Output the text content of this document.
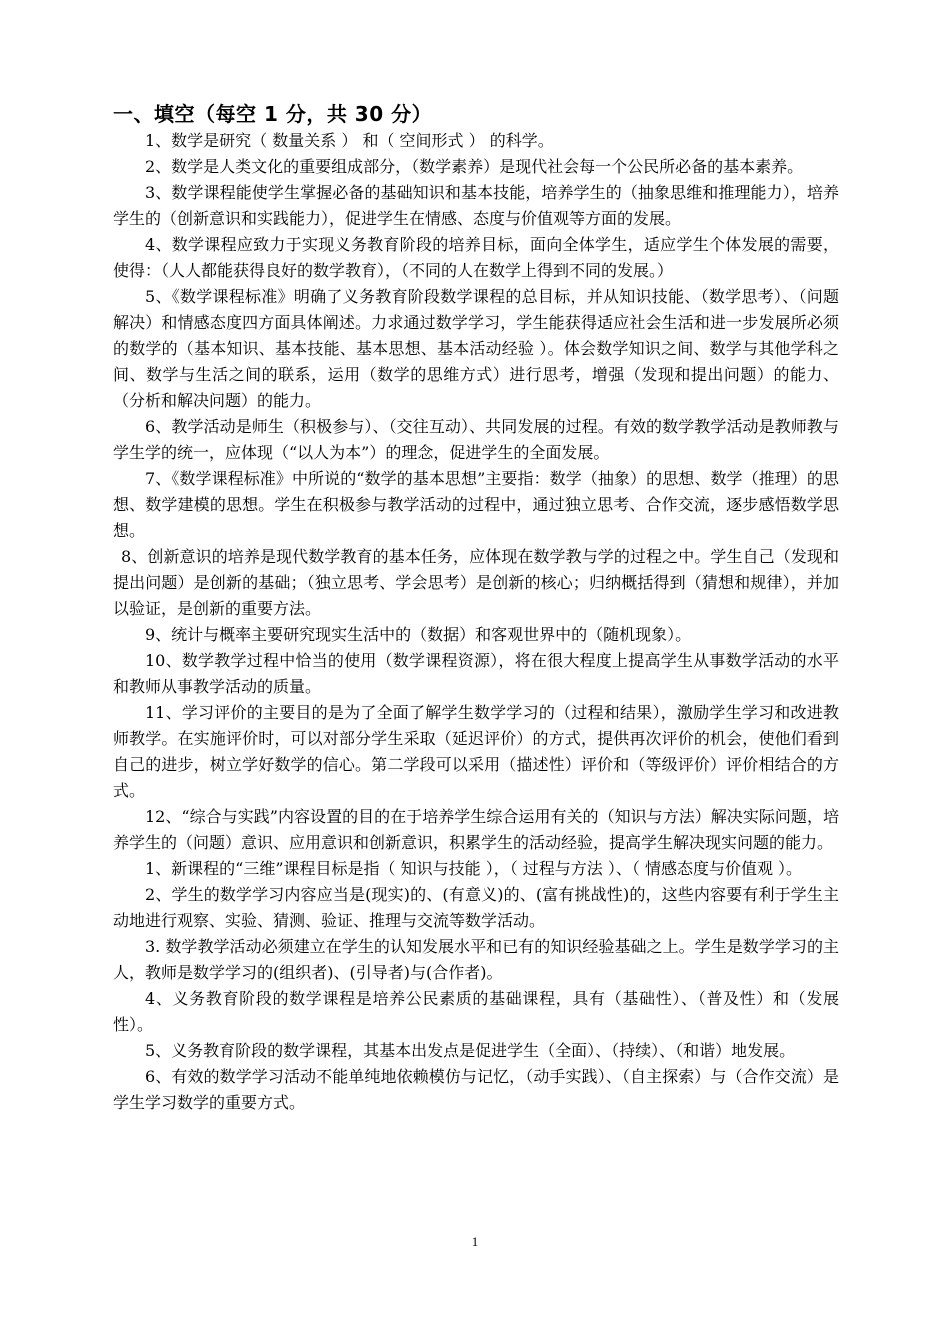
一、填空（每空 1 分，共 30 分）

1、数学是研究（ 数量关系 ） 和（ 空间形式 ） 的科学。

2、数学是人类文化的重要组成部分，（数学素养）是现代社会每一个公民所必备的基本素养。

3、数学课程能使学生掌握必备的基础知识和基本技能，培养学生的（抽象思维和推理能力），培养学生的（创新意识和实践能力），促进学生在情感、态度与价值观等方面的发展。

4、数学课程应致力于实现义务教育阶段的培养目标，面向全体学生，适应学生个体发展的需要，使得：（人人都能获得良好的数学教育），（不同的人在数学上得到不同的发展。）

5、《数学课程标准》明确了义务教育阶段数学课程的总目标，并从知识技能、（数学思考）、（问题解决）和情感态度四方面具体阐述。力求通过数学学习，学生能获得适应社会生活和进一步发展所必须的数学的（基本知识、基本技能、基本思想、基本活动经验 ）。体会数学知识之间、数学与其他学科之间、数学与生活之间的联系，运用（数学的思维方式）进行思考，增强（发现和提出问题）的能力、（分析和解决问题）的能力。

6、教学活动是师生（积极参与）、（交往互动）、共同发展的过程。有效的数学教学活动是教师教与学生学的统一，应体现（“以人为本”）的理念，促进学生的全面发展。

7、《数学课程标准》中所说的“数学的基本思想”主要指：数学（抽象）的思想、数学（推理）的思想、数学建模的思想。学生在积极参与教学活动的过程中，通过独立思考、合作交流，逐步感悟数学思想。

8、创新意识的培养是现代数学教育的基本任务，应体现在数学教与学的过程之中。学生自己（发现和提出问题）是创新的基础；（独立思考、学会思考）是创新的核心；归纳概括得到（猜想和规律），并加以验证，是创新的重要方法。

9、统计与概率主要研究现实生活中的（数据）和客观世界中的（随机现象）。

10、数学教学过程中恰当的使用（数学课程资源），将在很大程度上提高学生从事数学活动的水平和教师从事教学活动的质量。

11、学习评价的主要目的是为了全面了解学生数学学习的（过程和结果），激励学生学习和改进教师教学。在实施评价时，可以对部分学生采取（延迟评价）的方式，提供再次评价的机会，使他们看到自己的进步，树立学好数学的信心。第二学段可以采用（描述性）评价和（等级评价）评价相结合的方式。

12、“综合与实践”内容设置的目的在于培养学生综合运用有关的（知识与方法）解决实际问题，培养学生的（问题）意识、应用意识和创新意识，积累学生的活动经验，提高学生解决现实问题的能力。

1、新课程的“三维”课程目标是指（ 知识与技能 ），（ 过程与方法 ）、（ 情感态度与价值观 ）。

2、学生的数学学习内容应当是(现实)的、(有意义)的、(富有挑战性)的，这些内容要有利于学生主动地进行观察、实验、猜测、验证、推理与交流等数学活动。

3. 数学教学活动必须建立在学生的认知发展水平和已有的知识经验基础之上。学生是数学学习的主人，教师是数学学习的(组织者)、(引导者)与(合作者)。

4、义务教育阶段的数学课程是培养公民素质的基础课程，具有（基础性）、（普及性）和（发展性）。

5、义务教育阶段的数学课程，其基本出发点是促进学生（全面）、（持续）、（和谐）地发展。

6、有效的数学学习活动不能单纯地依赖模仿与记忆，（动手实践）、（自主探索）与（合作交流）是学生学习数学的重要方式。

1
